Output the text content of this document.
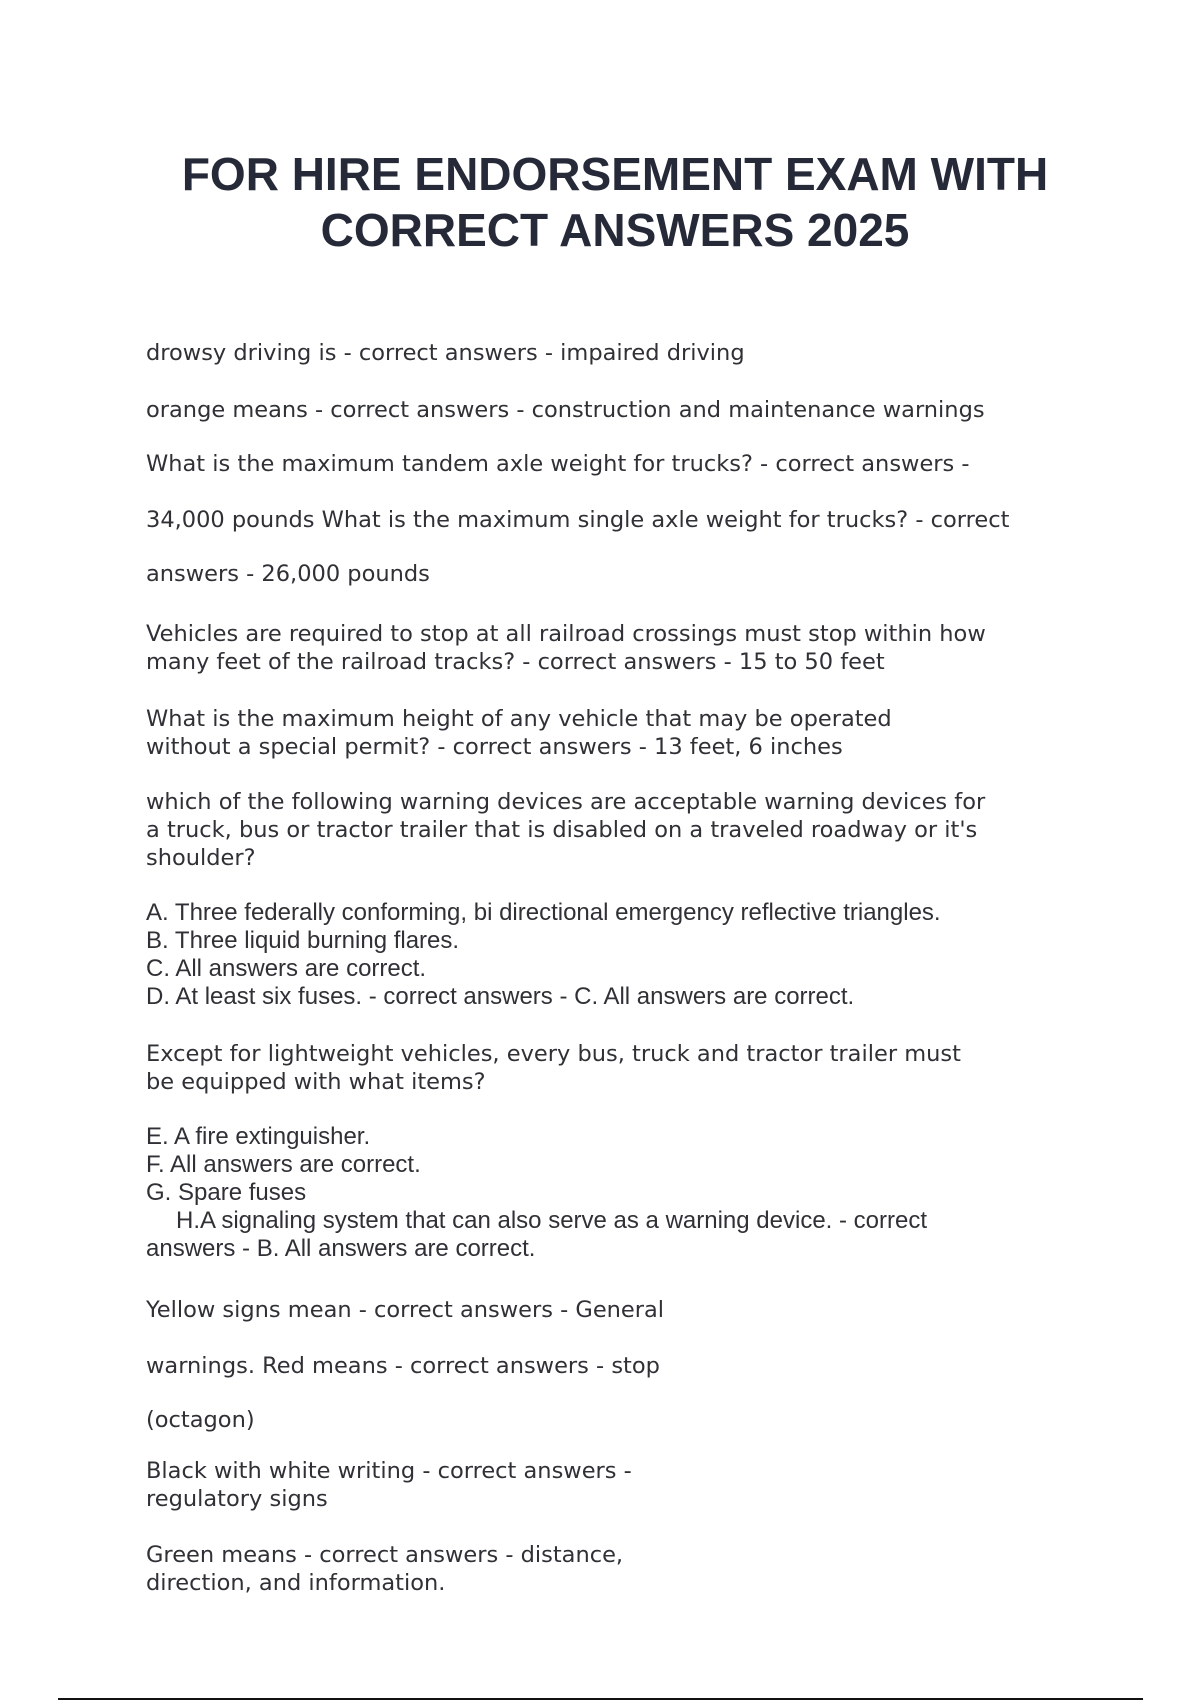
FOR HIRE ENDORSEMENT EXAM WITH
CORRECT ANSWERS 2025

drowsy driving is - correct answers - impaired driving

orange means - correct answers - construction and maintenance warnings

What is the maximum tandem axle weight for trucks? - correct answers -

34,000 pounds What is the maximum single axle weight for trucks? - correct

answers - 26,000 pounds

Vehicles are required to stop at all railroad crossings must stop within how
many feet of the railroad tracks? - correct answers - 15 to 50 feet

What is the maximum height of any vehicle that may be operated
without a special permit? - correct answers - 13 feet, 6 inches

which of the following warning devices are acceptable warning devices for
a truck, bus or tractor trailer that is disabled on a traveled roadway or it's
shoulder?

A. Three federally conforming, bi directional emergency reflective triangles.
B. Three liquid burning flares.
C. All answers are correct.
D. At least six fuses. - correct answers - C. All answers are correct.

Except for lightweight vehicles, every bus, truck and tractor trailer must
be equipped with what items?

E. A fire extinguisher.
F. All answers are correct.
G. Spare fuses
H.A signaling system that can also serve as a warning device. - correct
answers - B. All answers are correct.

Yellow signs mean - correct answers - General

warnings. Red means - correct answers - stop

(octagon)

Black with white writing - correct answers -
regulatory signs

Green means - correct answers - distance,
direction, and information.
